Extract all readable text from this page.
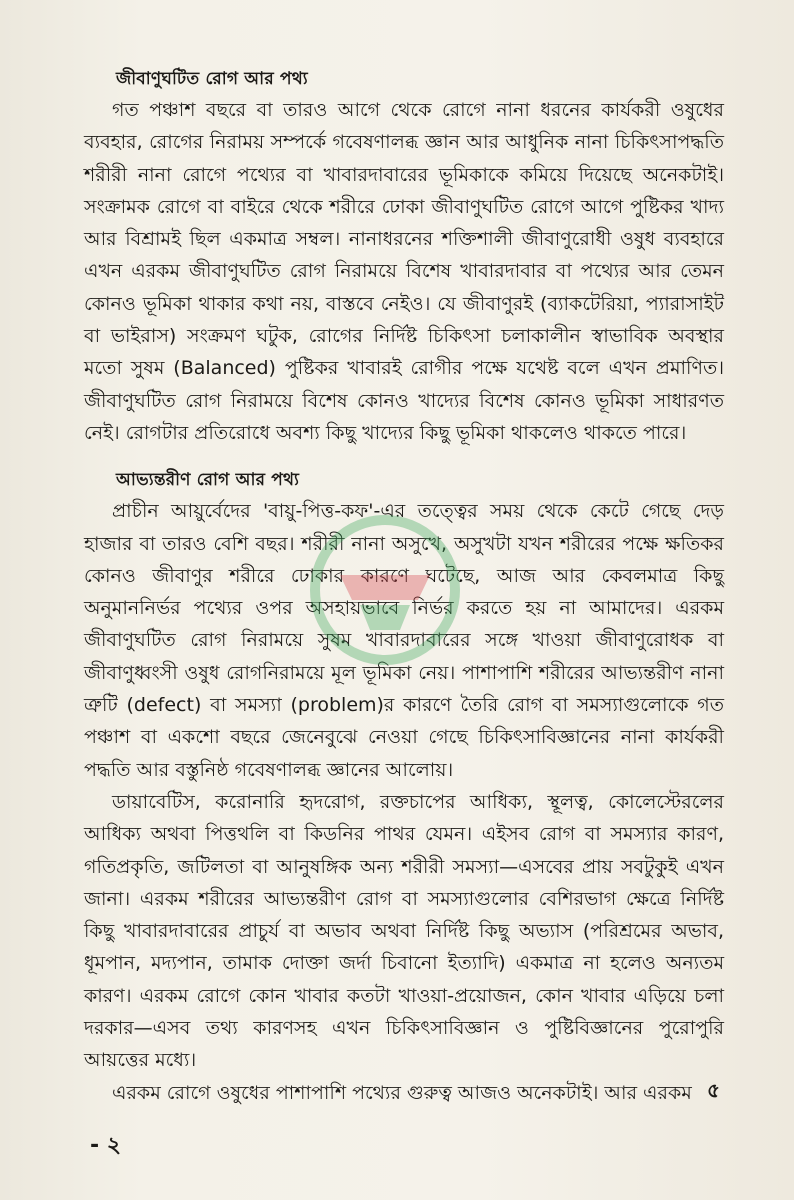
জীবাণুঘটিত রোগ আর পথ্য

গত পঞ্চাশ বছরে বা তারও আগে থেকে রোগে নানা ধরনের কার্যকরী ওষুধের ব্যবহার, রোগের নিরাময় সম্পর্কে গবেষণালব্ধ জ্ঞান আর আধুনিক নানা চিকিৎসাপদ্ধতি শরীরী নানা রোগে পথ্যের বা খাবারদাবারের ভূমিকাকে কমিয়ে দিয়েছে অনেকটাই। সংক্রামক রোগে বা বাইরে থেকে শরীরে ঢোকা জীবাণুঘটিত রোগে আগে পুষ্টিকর খাদ্য আর বিশ্রামই ছিল একমাত্র সম্বল। নানাধরনের শক্তিশালী জীবাণুরোধী ওষুধ ব্যবহারে এখন এরকম জীবাণুঘটিত রোগ নিরাময়ে বিশেষ খাবারদাবার বা পথ্যের আর তেমন কোনও ভূমিকা থাকার কথা নয়, বাস্তবে নেইও। যে জীবাণুরই (ব্যাকটেরিয়া, প্যারাসাইট বা ভাইরাস) সংক্রমণ ঘটুক, রোগের নির্দিষ্ট চিকিৎসা চলাকালীন স্বাভাবিক অবস্থার মতো সুষম (Balanced) পুষ্টিকর খাবারই রোগীর পক্ষে যথেষ্ট বলে এখন প্রমাণিত। জীবাণুঘটিত রোগ নিরাময়ে বিশেষ কোনও খাদ্যের বিশেষ কোনও ভূমিকা সাধারণত নেই। রোগটার প্রতিরোধে অবশ্য কিছু খাদ্যের কিছু ভূমিকা থাকলেও থাকতে পারে।

আভ্যন্তরীণ রোগ আর পথ্য

প্রাচীন আয়ুর্বেদের 'বায়ু-পিত্ত-কফ'-এর তত্ত্বের সময় থেকে কেটে গেছে দেড় হাজার বা তারও বেশি বছর। শরীরী নানা অসুখে, অসুখটা যখন শরীরের পক্ষে ক্ষতিকর কোনও জীবাণুর শরীরে ঢোকার কারণে ঘটেছে, আজ আর কেবলমাত্র কিছু অনুমাননির্ভর পথ্যের ওপর অসহায়ভাবে নির্ভর করতে হয় না আমাদের। এরকম জীবাণুঘটিত রোগ নিরাময়ে সুষম খাবারদাবারের সঙ্গে খাওয়া জীবাণুরোধক বা জীবাণুধ্বংসী ওষুধ রোগনিরাময়ে মূল ভূমিকা নেয়। পাশাপাশি শরীরের আভ্যন্তরীণ নানা ত্রুটি (defect) বা সমস্যা (problem)র কারণে তৈরি রোগ বা সমস্যাগুলোকে গত পঞ্চাশ বা একশো বছরে জেনেবুঝে নেওয়া গেছে চিকিৎসাবিজ্ঞানের নানা কার্যকরী পদ্ধতি আর বস্তুনিষ্ঠ গবেষণালব্ধ জ্ঞানের আলোয়।

ডায়াবেটিস, করোনারি হৃদরোগ, রক্তচাপের আধিক্য, স্থূলত্ব, কোলেস্টেরলের আধিক্য অথবা পিত্তথলি বা কিডনির পাথর যেমন। এইসব রোগ বা সমস্যার কারণ, গতিপ্রকৃতি, জটিলতা বা আনুষঙ্গিক অন্য শরীরী সমস্যা—এসবের প্রায় সবটুকুই এখন জানা। এরকম শরীরের আভ্যন্তরীণ রোগ বা সমস্যাগুলোর বেশিরভাগ ক্ষেত্রে নির্দিষ্ট কিছু খাবারদাবারের প্রাচুর্য বা অভাব অথবা নির্দিষ্ট কিছু অভ্যাস (পরিশ্রমের অভাব, ধূমপান, মদ্যপান, তামাক দোক্তা জর্দা চিবানো ইত্যাদি) একমাত্র না হলেও অন্যতম কারণ। এরকম রোগে কোন খাবার কতটা খাওয়া-প্রয়োজন, কোন খাবার এড়িয়ে চলা দরকার—এসব তথ্য কারণসহ এখন চিকিৎসাবিজ্ঞান ও পুষ্টিবিজ্ঞানের পুরোপুরি আয়ত্তের মধ্যে।

এরকম রোগে ওষুধের পাশাপাশি পথ্যের গুরুত্ব আজও অনেকটাই। আর এরকম ৫
- ২
